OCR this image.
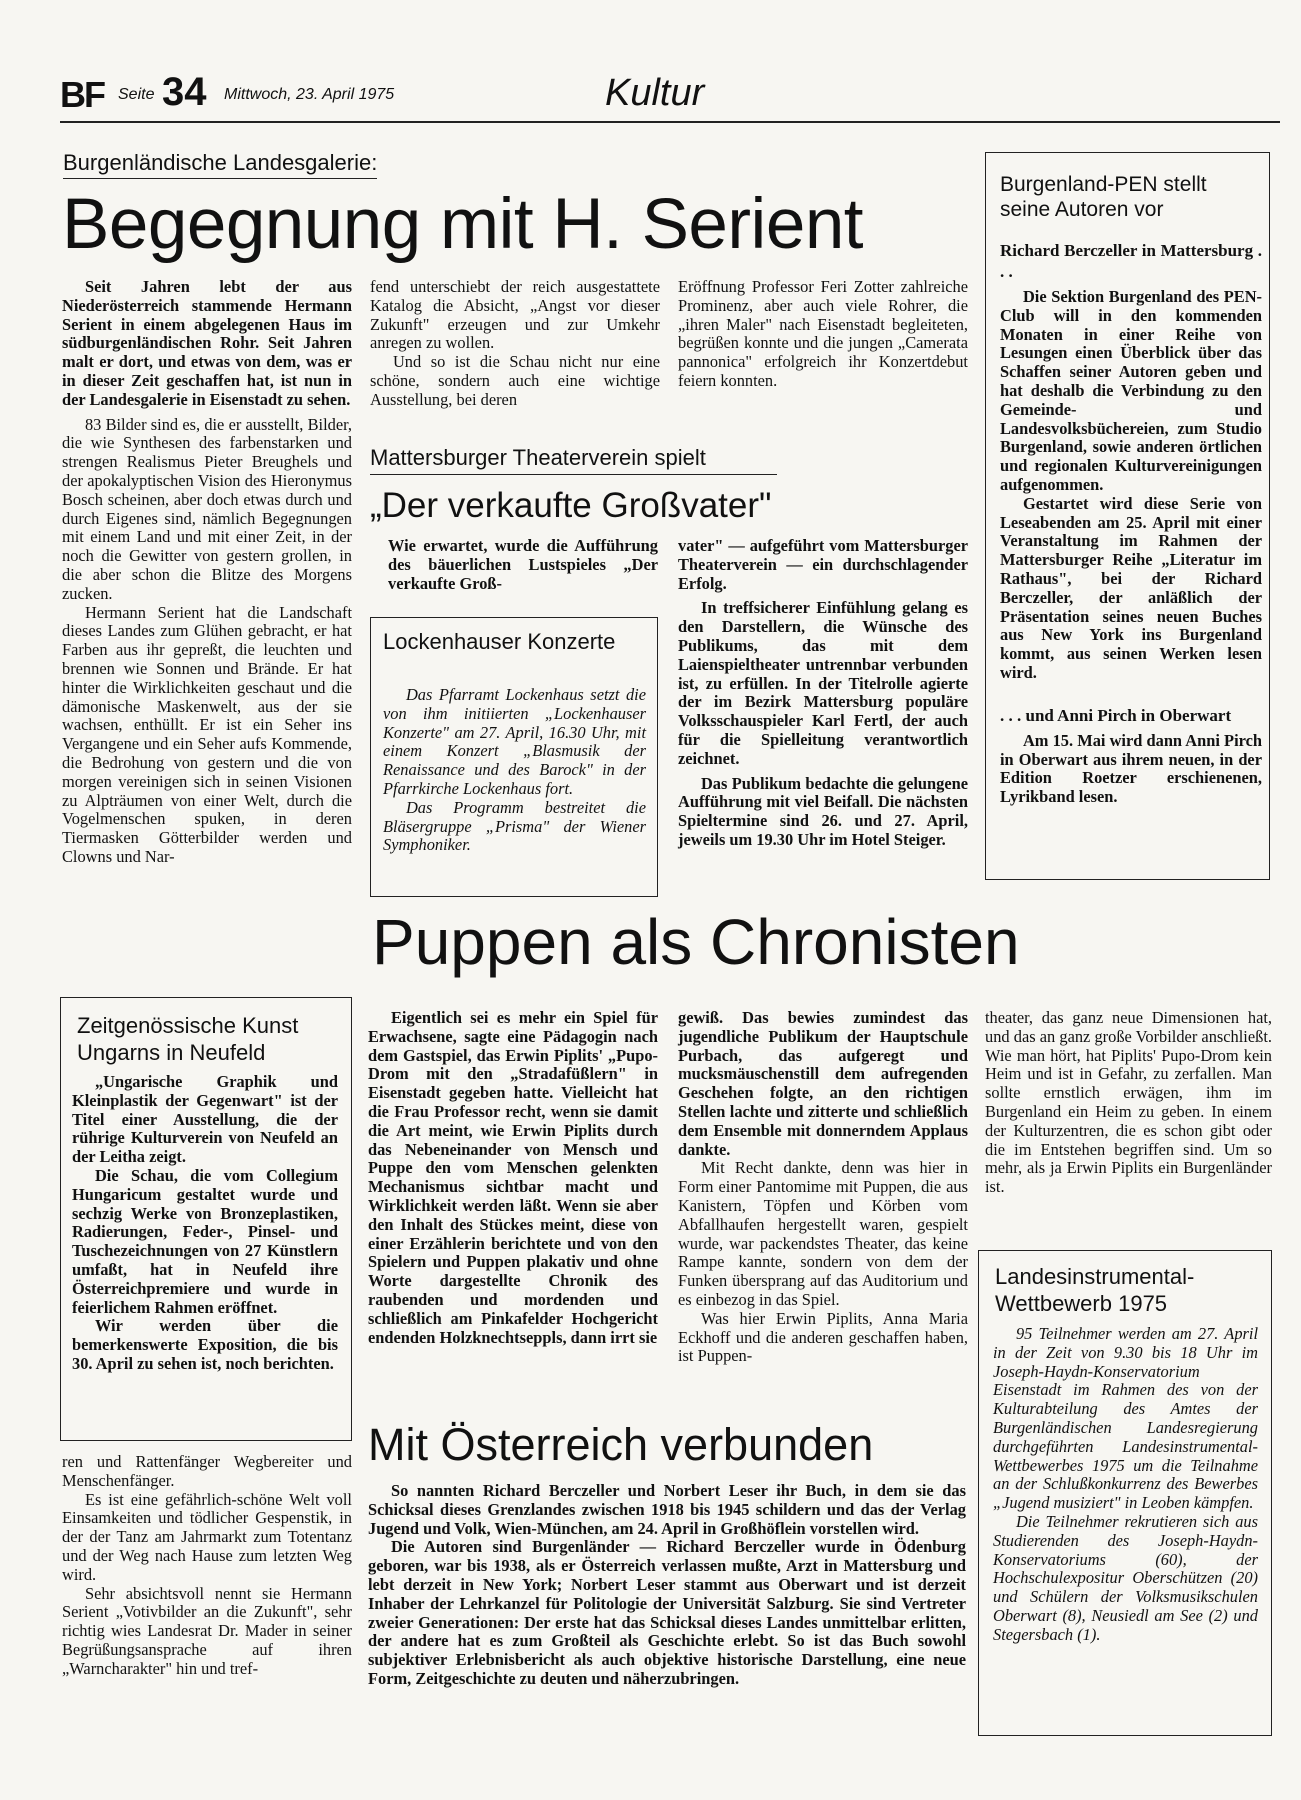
BF Seite 34 Mittwoch, 23. April 1975	Kultur
Burgenländische Landesgalerie:
Begegnung mit H. Serient

Seit Jahren lebt der aus Niederösterreich stammende Hermann Serient in einem abgelegenen Haus im südburgenländischen Rohr. Seit Jahren malt er dort, und etwas von dem, was er in dieser Zeit geschaffen hat, ist nun in der Landesgalerie in Eisenstadt zu sehen.

83 Bilder sind es, die er ausstellt, Bilder, die wie Synthesen des farbenstarken und strengen Realismus Pieter Breughels und der apokalyptischen Vision des Hieronymus Bosch scheinen, aber doch etwas durch und durch Eigenes sind, nämlich Begegnungen mit einem Land und mit einer Zeit, in der noch die Gewitter von gestern grollen, in die aber schon die Blitze des Morgens zucken.

Hermann Serient hat die Landschaft dieses Landes zum Glühen gebracht, er hat Farben aus ihr gepreßt, die leuchten und brennen wie Sonnen und Brände. Er hat hinter die Wirklichkeiten geschaut und die dämonische Maskenwelt, aus der sie wachsen, enthüllt. Er ist ein Seher ins Vergangene und ein Seher aufs Kommende, die Bedrohung von gestern und die von morgen vereinigen sich in seinen Visionen zu Alpträumen von einer Welt, durch die Vogelmenschen spuken, in deren Tiermasken Götterbilder werden und Clowns und Nar-

fend unterschiebt der reich ausgestattete Katalog die Absicht, „Angst vor dieser Zukunft" erzeugen und zur Umkehr anregen zu wollen.

Und so ist die Schau nicht nur eine schöne, sondern auch eine wichtige Ausstellung, bei deren

Eröffnung Professor Feri Zotter zahlreiche Prominenz, aber auch viele Rohrer, die „ihren Maler" nach Eisenstadt begleiteten, begrüßen konnte und die jungen „Camerata pannonica" erfolgreich ihr Konzertdebut feiern konnten.

ren und Rattenfänger Wegbereiter und Menschenfänger.

Es ist eine gefährlich-schöne Welt voll Einsamkeiten und tödlicher Gespenstik, in der der Tanz am Jahrmarkt zum Totentanz und der Weg nach Hause zum letzten Weg wird.

Sehr absichtsvoll nennt sie Hermann Serient „Votivbilder an die Zukunft", sehr richtig wies Landesrat Dr. Mader in seiner Begrüßungsansprache auf ihren „Warncharakter" hin und tref-

Burgenland-PEN stellt seine Autoren vor
Richard Berczeller in Mattersburg . . .

Die Sektion Burgenland des PEN-Club will in den kommenden Monaten in einer Reihe von Lesungen einen Überblick über das Schaffen seiner Autoren geben und hat deshalb die Verbindung zu den Gemeinde- und Landesvolksbüchereien, zum Studio Burgenland, sowie anderen örtlichen und regionalen Kulturvereinigungen aufgenommen.

Gestartet wird diese Serie von Leseabenden am 25. April mit einer Veranstaltung im Rahmen der Mattersburger Reihe „Literatur im Rathaus", bei der Richard Berczeller, der anläßlich der Präsentation seines neuen Buches aus New York ins Burgenland kommt, aus seinen Werken lesen wird.

. . . und Anni Pirch in Oberwart

Am 15. Mai wird dann Anni Pirch in Oberwart aus ihrem neuen, in der Edition Roetzer erschienenen, Lyrikband lesen.

Mattersburger Theaterverein spielt
„Der verkaufte Großvater"

Wie erwartet, wurde die Aufführung des bäuerlichen Lustspieles „Der verkaufte Groß-

vater" — aufgeführt vom Mattersburger Theaterverein — ein durchschlagender Erfolg.

In treffsicherer Einfühlung gelang es den Darstellern, die Wünsche des Publikums, das mit dem Laienspieltheater untrennbar verbunden ist, zu erfüllen. In der Titelrolle agierte der im Bezirk Mattersburg populäre Volksschauspieler Karl Fertl, der auch für die Spielleitung verantwortlich zeichnet.

Das Publikum bedachte die gelungene Aufführung mit viel Beifall. Die nächsten Spieltermine sind 26. und 27. April, jeweils um 19.30 Uhr im Hotel Steiger.

Lockenhauser Konzerte

Das Pfarramt Lockenhaus setzt die von ihm initiierten „Lockenhauser Konzerte" am 27. April, 16.30 Uhr, mit einem Konzert „Blasmusik der Renaissance und des Barock" in der Pfarrkirche Lockenhaus fort.

Das Programm bestreitet die Bläsergruppe „Prisma" der Wiener Symphoniker.

Zeitgenössische Kunst Ungarns in Neufeld

„Ungarische Graphik und Kleinplastik der Gegenwart" ist der Titel einer Ausstellung, die der rührige Kulturverein von Neufeld an der Leitha zeigt.

Die Schau, die vom Collegium Hungaricum gestaltet wurde und sechzig Werke von Bronzeplastiken, Radierungen, Feder-, Pinsel- und Tuschezeichnungen von 27 Künstlern umfaßt, hat in Neufeld ihre Österreichpremiere und wurde in feierlichem Rahmen eröffnet.

Wir werden über die bemerkenswerte Exposition, die bis 30. April zu sehen ist, noch berichten.

Puppen als Chronisten

Eigentlich sei es mehr ein Spiel für Erwachsene, sagte eine Pädagogin nach dem Gastspiel, das Erwin Piplits' „Pupo-Drom mit den „Stradafüßlern" in Eisenstadt gegeben hatte. Vielleicht hat die Frau Professor recht, wenn sie damit die Art meint, wie Erwin Piplits durch das Nebeneinander von Mensch und Puppe den vom Menschen gelenkten Mechanismus sichtbar macht und Wirklichkeit werden läßt. Wenn sie aber den Inhalt des Stückes meint, diese von einer Erzählerin berichtete und von den Spielern und Puppen plakativ und ohne Worte dargestellte Chronik des raubenden und mordenden und schließlich am Pinkafelder Hochgericht endenden Holzknechtseppls, dann irrt sie

gewiß. Das bewies zumindest das jugendliche Publikum der Hauptschule Purbach, das aufgeregt und mucksmäuschenstill dem aufregenden Geschehen folgte, an den richtigen Stellen lachte und zitterte und schließlich dem Ensemble mit donnerndem Applaus dankte.

Mit Recht dankte, denn was hier in Form einer Pantomime mit Puppen, die aus Kanistern, Töpfen und Körben vom Abfallhaufen hergestellt waren, gespielt wurde, war packendstes Theater, das keine Rampe kannte, sondern von dem der Funken übersprang auf das Auditorium und es einbezog in das Spiel.

Was hier Erwin Piplits, Anna Maria Eckhoff und die anderen geschaffen haben, ist Puppen-

theater, das ganz neue Dimensionen hat, und das an ganz große Vorbilder anschließt. Wie man hört, hat Piplits' Pupo-Drom kein Heim und ist in Gefahr, zu zerfallen. Man sollte ernstlich erwägen, ihm im Burgenland ein Heim zu geben. In einem der Kulturzentren, die es schon gibt oder die im Entstehen begriffen sind. Um so mehr, als ja Erwin Piplits ein Burgenländer ist.

Mit Österreich verbunden

So nannten Richard Berczeller und Norbert Leser ihr Buch, in dem sie das Schicksal dieses Grenzlandes zwischen 1918 bis 1945 schildern und das der Verlag Jugend und Volk, Wien-München, am 24. April in Großhöflein vorstellen wird.

Die Autoren sind Burgenländer — Richard Berczeller wurde in Ödenburg geboren, war bis 1938, als er Österreich verlassen mußte, Arzt in Mattersburg und lebt derzeit in New York; Norbert Leser stammt aus Oberwart und ist derzeit Inhaber der Lehrkanzel für Politologie der Universität Salzburg. Sie sind Vertreter zweier Generationen: Der erste hat das Schicksal dieses Landes unmittelbar erlitten, der andere hat es zum Großteil als Geschichte erlebt. So ist das Buch sowohl subjektiver Erlebnisbericht als auch objektive historische Darstellung, eine neue Form, Zeitgeschichte zu deuten und näherzubringen.

Landesinstrumental-Wettbewerb 1975

95 Teilnehmer werden am 27. April in der Zeit von 9.30 bis 18 Uhr im Joseph-Haydn-Konservatorium Eisenstadt im Rahmen des von der Kulturabteilung des Amtes der Burgenländischen Landesregierung durchgeführten Landesinstrumental-Wettbewerbes 1975 um die Teilnahme an der Schlußkonkurrenz des Bewerbes „Jugend musiziert" in Leoben kämpfen.

Die Teilnehmer rekrutieren sich aus Studierenden des Joseph-Haydn-Konservatoriums (60), der Hochschulexpositur Oberschützen (20) und Schülern der Volksmusikschulen Oberwart (8), Neusiedl am See (2) und Stegersbach (1).
